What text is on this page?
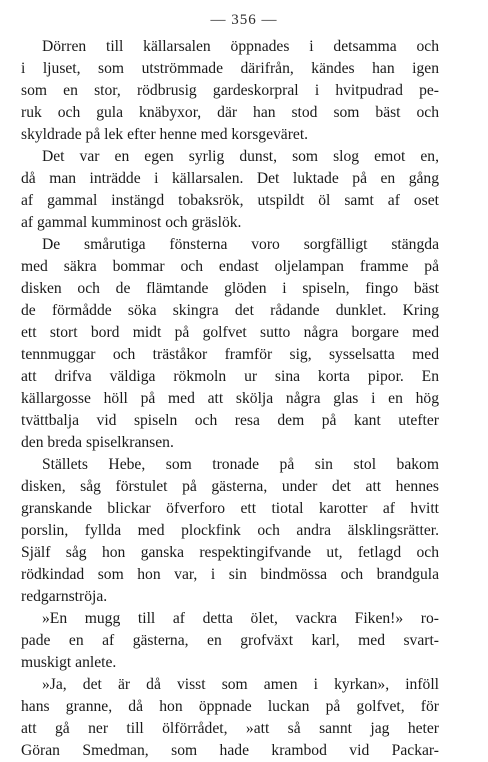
— 356 —
Dörren till källarsalen öppnades i detsamma och
i ljuset, som utströmmade därifrån, kändes han igen
som en stor, rödbrusig gardeskorpral i hvitpudrad pe-
ruk och gula knäbyxor, där han stod som bäst och
skyldrade på lek efter henne med korsgeväret.
Det var en egen syrlig dunst, som slog emot en,
då man inträdde i källarsalen. Det luktade på en gång
af gammal instängd tobaksrök, utspildt öl samt af oset
af gammal kumminost och gräslök.
De smårutiga fönsterna voro sorgfälligt stängda
med säkra bommar och endast oljelampan framme på
disken och de flämtande glöden i spiseln, fingo bäst
de förmådde söka skingra det rådande dunklet. Kring
ett stort bord midt på golfvet sutto några borgare med
tennmuggar och träståkor framför sig, sysselsatta med
att drifva väldiga rökmoln ur sina korta pipor. En
källargosse höll på med att skölja några glas i en hög
tvättbalja vid spiseln och resa dem på kant utefter
den breda spiselkransen.
Ställets Hebe, som tronade på sin stol bakom
disken, såg förstulet på gästerna, under det att hennes
granskande blickar öfverforo ett tiotal karotter af hvitt
porslin, fyllda med plockfink och andra älsklingsrätter.
Själf såg hon ganska respektingifvande ut, fetlagd och
rödkindad som hon var, i sin bindmössa och brandgula
redgarnströja.
»En mugg till af detta ölet, vackra Fiken!» ro-
pade en af gästerna, en grofväxt karl, med svart-
muskigt anlete.
»Ja, det är då visst som amen i kyrkan», inföll
hans granne, då hon öppnade luckan på golfvet, för
att gå ner till ölförrådet, »att så sannt jag heter
Göran Smedman, som hade krambod vid Packar-
